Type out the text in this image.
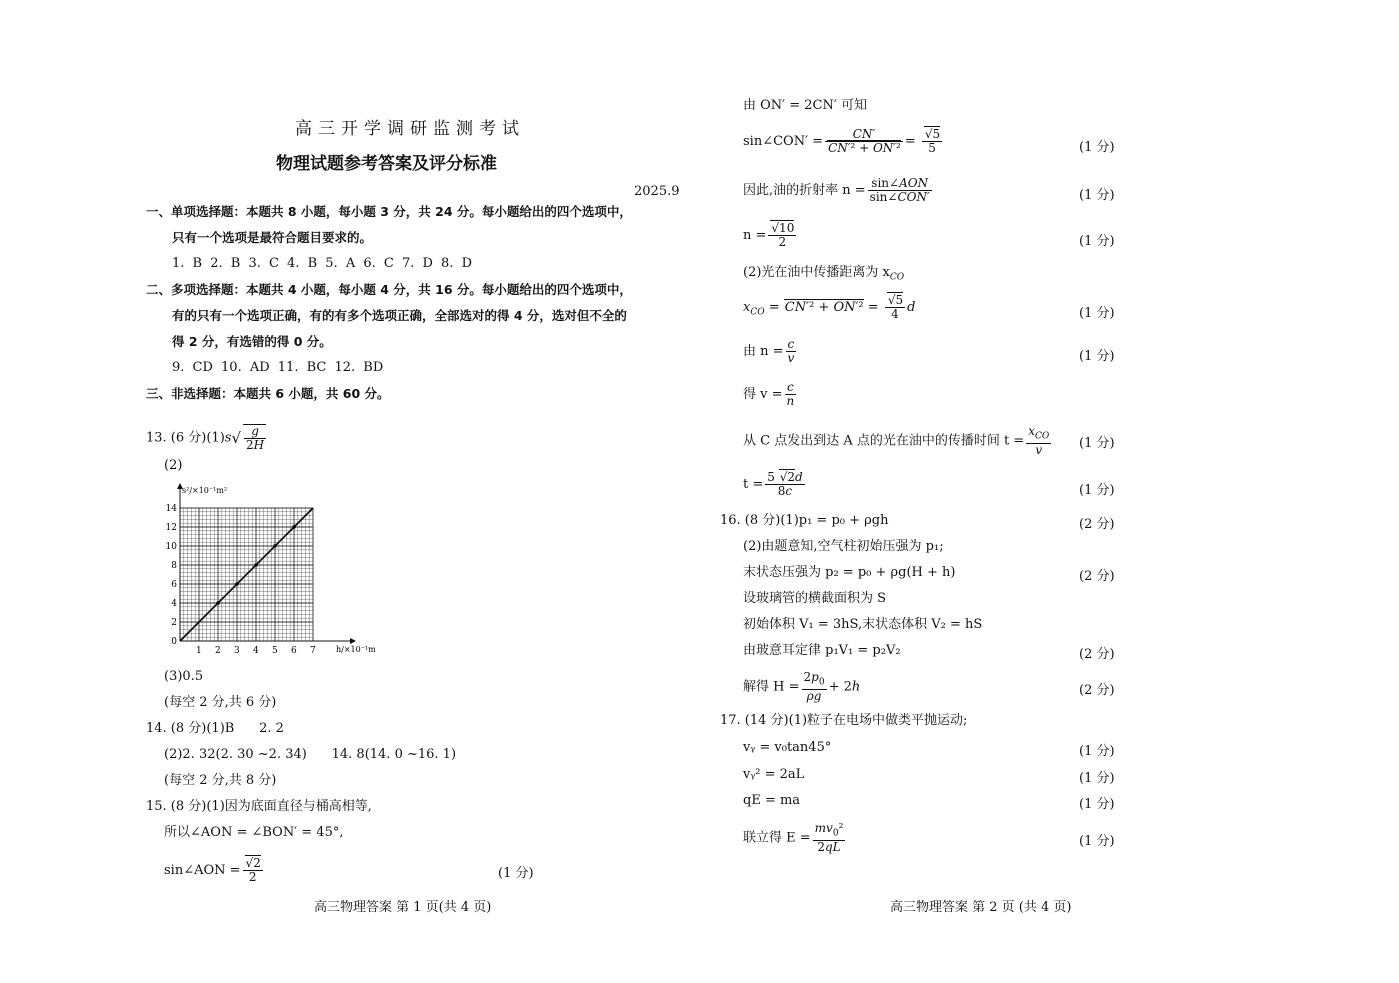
高三开学调研监测考试
物理试题参考答案及评分标准
2025.9
一、单项选择题：本题共 8 小题，每小题 3 分，共 24 分。每小题给出的四个选项中，
只有一个选项是最符合题目要求的。
1. B 2. B 3. C 4. B 5. A 6. C 7. D 8. D
二、多项选择题：本题共 4 小题，每小题 4 分，共 16 分。每小题给出的四个选项中，
有的只有一个选项正确，有的有多个选项正确，全部选对的得 4 分，选对但不全的
得 2 分，有选错的得 0 分。
9. CD 10. AD 11. BC 12. BD
三、非选择题：本题共 6 小题，共 60 分。
13. (6 分)$(1)s√ \frac{g}{2H}$
(2)
s²/×10⁻¹m²
h/×10⁻¹m
1 2 3 4 5 6 7
0
2
4
6
8
10
12
14
(3)0.5
(每空 2 分,共 6 分)
14. (8 分)(1)B      2. 2
(2)2. 32(2. 30 ~2. 34)      14. 8(14. 0 ~16. 1)
(每空 2 分,共 8 分)
15. (8 分)(1)因为底面直径与桶高相等,
所以∠AON = ∠BON′ = 45°,
sin∠AON = $\frac{√2}{2}$	(1 分)
高三物理答案 第 1 页(共 4 页)
由 ON′ = 2CN′ 可知
sin∠CON′ = $\frac{CN'}{\text{CN′² + ON′²}} = \frac{√5}{5}$	(1 分)
因此,油的折射率 n = sin∠AON
sin∠CON′	(1 分)
$n = \frac{√10}{2}$	(1 分)
(2)光在油中传播距离为 $x_{CO}$
$x_{CO} = CN'^2 + ON'^2 = \frac{√5}{4}$ d	(1 分)
由 $n = \frac{c}{v}$	(1 分)
得 $v = \frac{c}{n}$
从 C 点发出到达 A 点的光在油中的传播时间 t =
$x_{CO}$
v	(1 分)
$t = \frac{5 √2d}{8c}$	(1 分)
16. (8 分)(1)p₁ = p₀ + ρgh	(2 分)
(2)由题意知,空气柱初始压强为 p₁;
末状态压强为 p₂ = p₀ + ρg(H + h)	(2 分)
设玻璃管的横截面积为 S
初始体积 V₁ = 3hS,末状态体积 V₂ = hS
由玻意耳定律 p₁V₁ = p₂V₂	(2 分)
解得 $H = \frac{2p_0}{\rho g} + 2h$	(2 分)
17. (14 分)(1)粒子在电场中做类平抛运动;
vᵧ = v₀tan45°	(1 分)
vᵧ² = 2aL	(1 分)
qE = ma	(1 分)
联立得 $E = \frac{mv_0^2}{2qL}$	(1 分)
高三物理答案 第 2 页 (共 4 页)
